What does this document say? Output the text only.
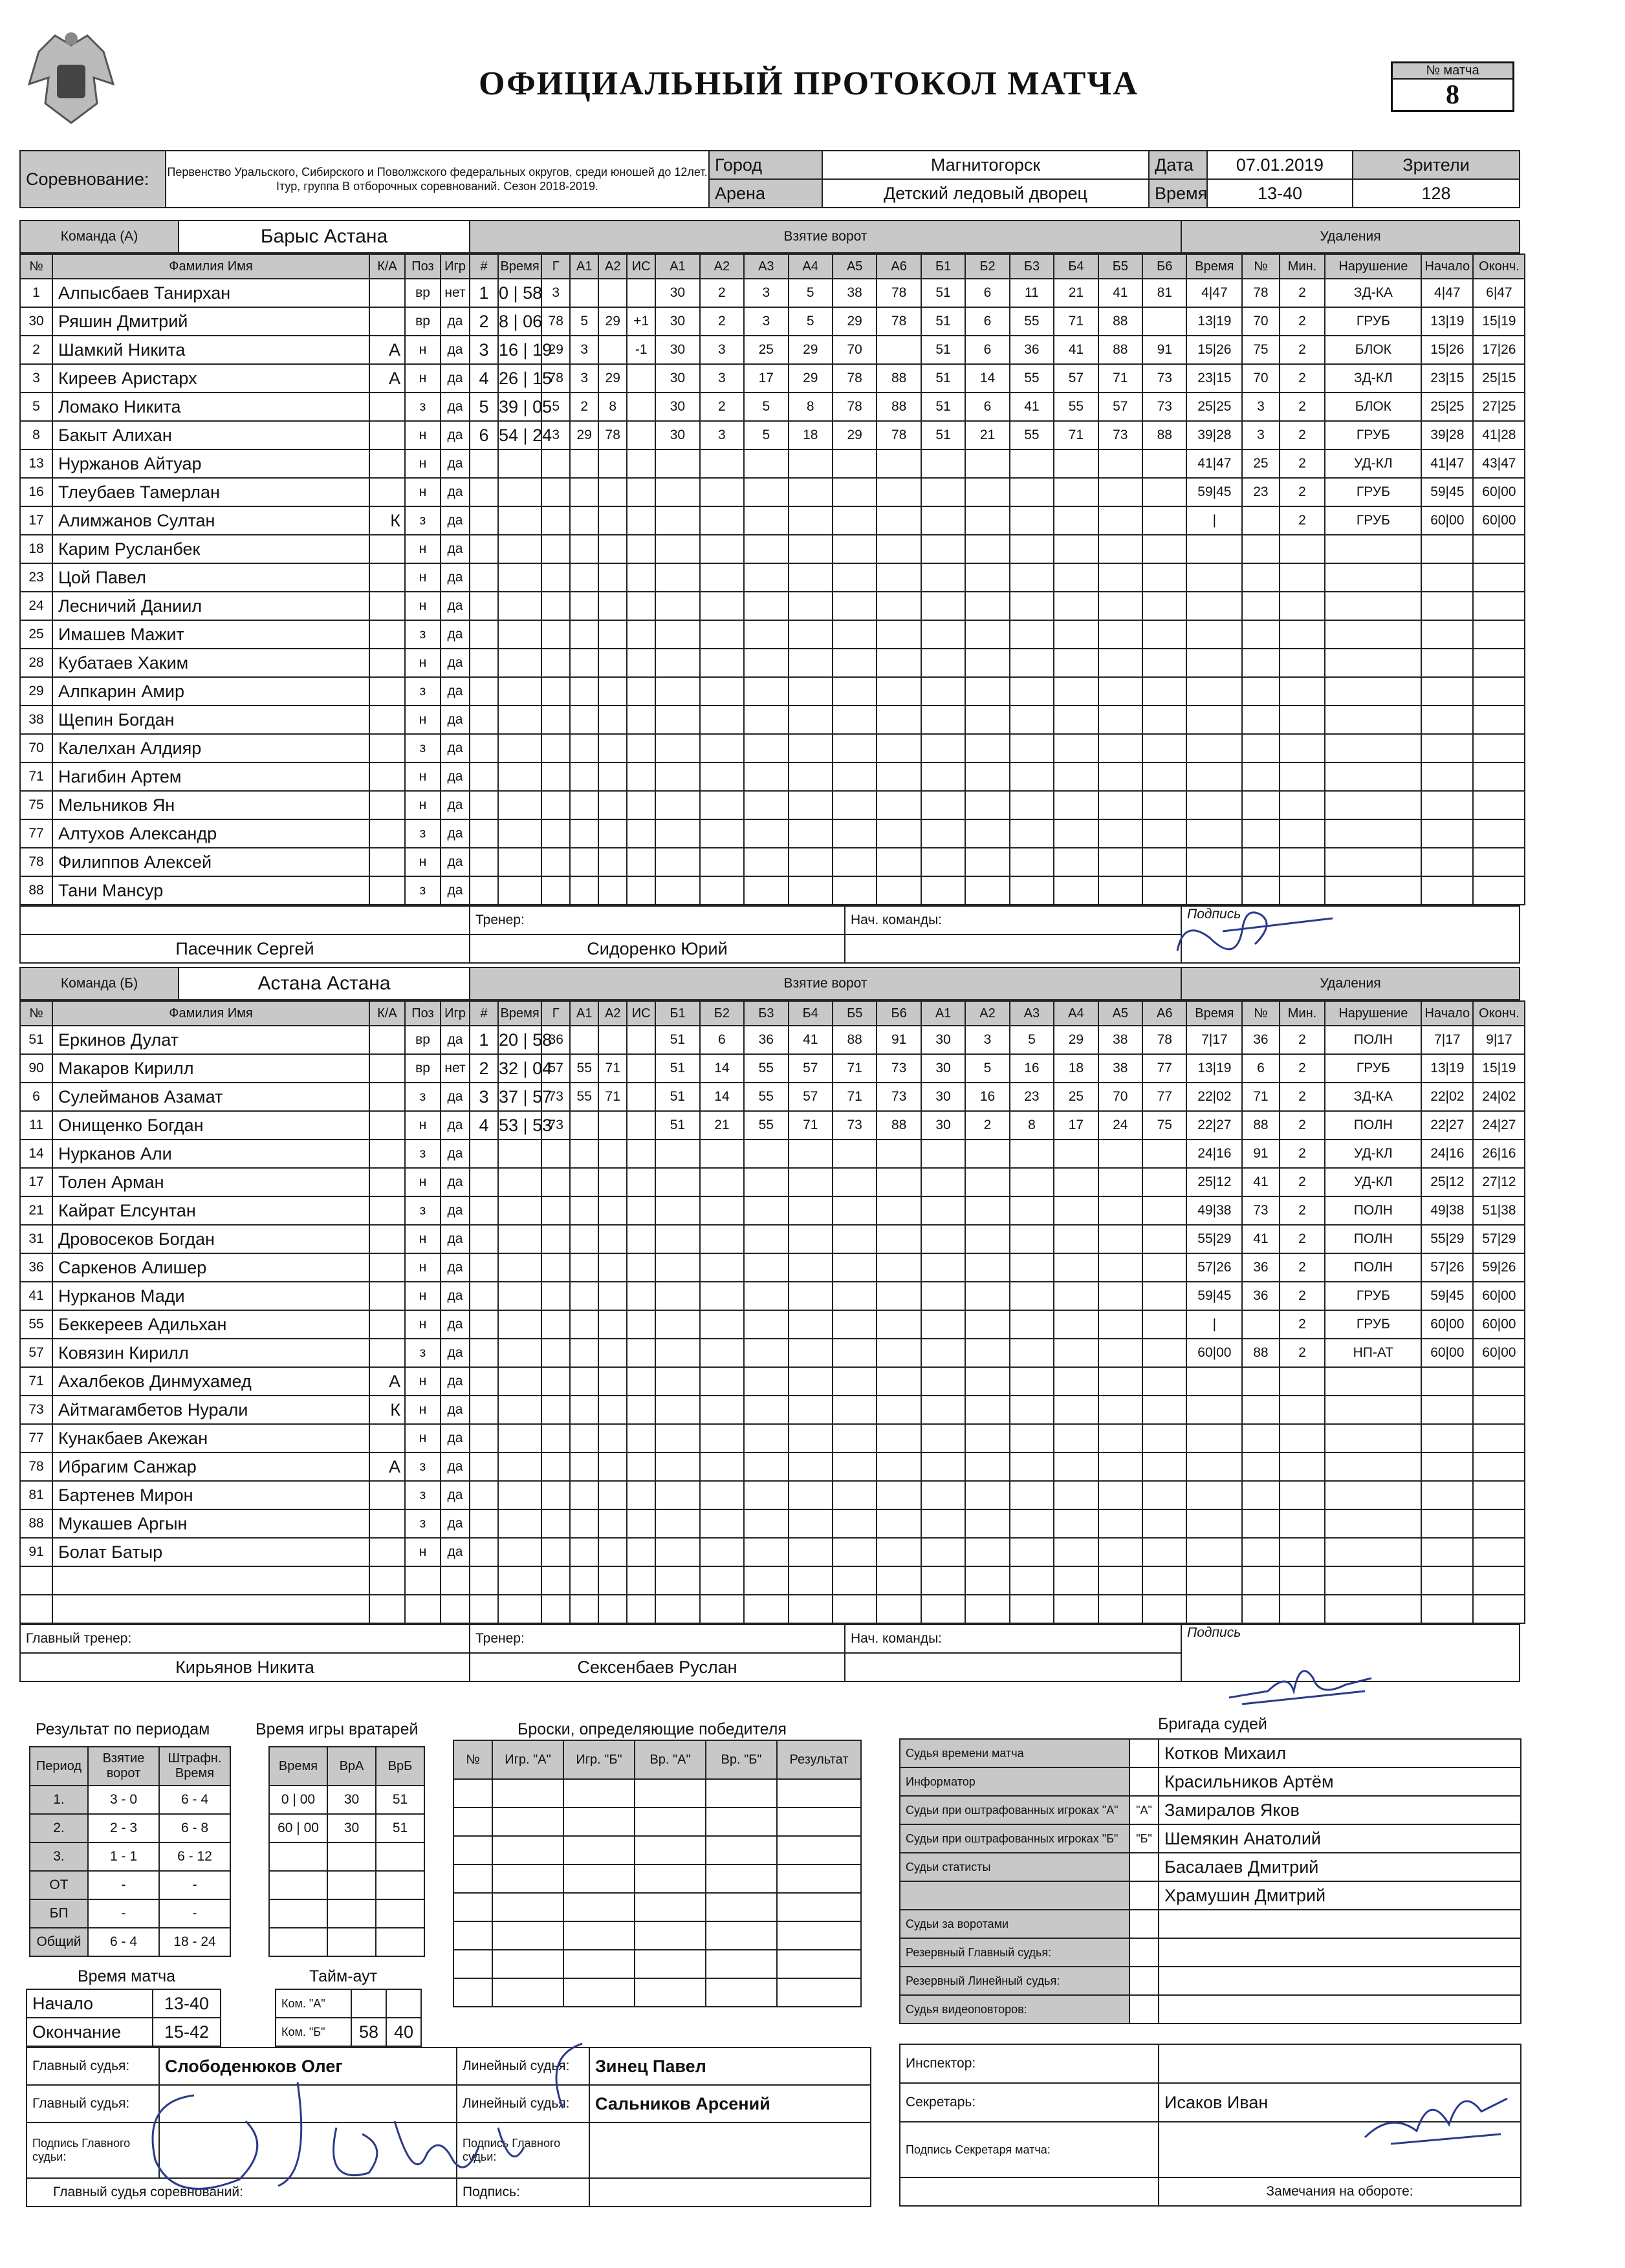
ОФИЦИАЛЬНЫЙ ПРОТОКОЛ МАТЧА	№ матча
8
Соревнование:	Первенство Уральского, Сибирского и Поволжского федеральных округов, среди юношей до 12лет. Iтур, группа В отборочных соревнований. Сезон 2018-2019.	Город	Магнитогорск	Дата	07.01.2019	Зрители
		Арена	Детский ледовый дворец	Время	13-40	128
Команда (А)	Барыс Астана	Взятие ворот	Удаления
№	Фамилия Имя	К/А	Поз	Игр	#	Время	Г	А1	А2	ИС	А1	А2	А3	А4	А5	А6	Б1	Б2	Б3	Б4	Б5	Б6	Время	№	Мин.	Нарушение	Начало	Оконч.
1	Алпысбаев Танирхан		вр	нет	1	0 | 58	3				30	2	3	5	38	78	51	6	11	21	41	81	4|47	78	2	ЗД-КА	4|47	6|47
30	Ряшин Дмитрий		вр	да	2	8 | 06	78	5	29	+1	30	2	3	5	29	78	51	6	55	71	88		13|19	70	2	ГРУБ	13|19	15|19
2	Шамкий Никита	А	н	да	3	16 | 19	29	3		-1	30	3	25	29	70		51	6	36	41	88	91	15|26	75	2	БЛОК	15|26	17|26
3	Киреев Аристарх	А	н	да	4	26 | 15	78	3	29		30	3	17	29	78	88	51	14	55	57	71	73	23|15	70	2	ЗД-КЛ	23|15	25|15
5	Ломако Никита		з	да	5	39 | 05	5	2	8		30	2	5	8	78	88	51	6	41	55	57	73	25|25	3	2	БЛОК	25|25	27|25
8	Бакыт Алихан		н	да	6	54 | 24	3	29	78		30	3	5	18	29	78	51	21	55	71	73	88	39|28	3	2	ГРУБ	39|28	41|28
13	Нуржанов Айтуар		н	да																			41|47	25	2	УД-КЛ	41|47	43|47
16	Тлеубаев Тамерлан		н	да																			59|45	23	2	ГРУБ	59|45	60|00
17	Алимжанов Султан	К	з	да																			|		2	ГРУБ	60|00	60|00
18	Карим Русланбек		н	да																								
23	Цой Павел		н	да																								
24	Лесничий Даниил		н	да																								
25	Имашев Мажит		з	да																								
28	Кубатаев Хаким		н	да																								
29	Алпкарин Амир		з	да																								
38	Щепин Богдан		н	да																								
70	Калелхан Алдияр		з	да																								
71	Нагибин Артем		н	да																								
75	Мельников Ян		н	да																								
77	Алтухов Александр		з	да																								
78	Филиппов Алексей		н	да																								
88	Тани Мансур		з	да																								
	Тренер:	Нач. команды:	Подпись
Пасечник Сергей	Сидоренко Юрий		
Команда (Б)	Астана Астана	Взятие ворот	Удаления
№	Фамилия Имя	К/А	Поз	Игр	#	Время	Г	А1	А2	ИС	Б1	Б2	Б3	Б4	Б5	Б6	А1	А2	А3	А4	А5	А6	Время	№	Мин.	Нарушение	Начало	Оконч.
51	Еркинов Дулат		вр	да	1	20 | 58	36				51	6	36	41	88	91	30	3	5	29	38	78	7|17	36	2	ПОЛН	7|17	9|17
90	Макаров Кирилл		вр	нет	2	32 | 04	57	55	71		51	14	55	57	71	73	30	5	16	18	38	77	13|19	6	2	ГРУБ	13|19	15|19
6	Сулейманов Азамат		з	да	3	37 | 57	73	55	71		51	14	55	57	71	73	30	16	23	25	70	77	22|02	71	2	ЗД-КА	22|02	24|02
11	Онищенко Богдан		н	да	4	53 | 53	73				51	21	55	71	73	88	30	2	8	17	24	75	22|27	88	2	ПОЛН	22|27	24|27
14	Нурканов Али		з	да																			24|16	91	2	УД-КЛ	24|16	26|16
17	Толен Арман		н	да																			25|12	41	2	УД-КЛ	25|12	27|12
21	Кайрат Елсунтан		з	да																			49|38	73	2	ПОЛН	49|38	51|38
31	Дровосеков Богдан		н	да																			55|29	41	2	ПОЛН	55|29	57|29
36	Саркенов Алишер		н	да																			57|26	36	2	ПОЛН	57|26	59|26
41	Нурканов Мади		н	да																			59|45	36	2	ГРУБ	59|45	60|00
55	Беккереев Адильхан		н	да																			|		2	ГРУБ	60|00	60|00
57	Ковязин Кирилл		з	да																			60|00	88	2	НП-АТ	60|00	60|00
71	Ахалбеков Динмухамед	А	н	да																								
73	Айтмагамбетов Нурали	К	н	да																								
77	Кунакбаев Акежан		н	да																								
78	Ибрагим Санжар	А	з	да																								
81	Бартенев Мирон		з	да																								
88	Мукашев Аргын		з	да																								
91	Болат Батыр		н	да																								

Главный тренер:	Тренер:	Нач. команды:	Подпись
Кирьянов Никита	Сексенбаев Руслан		
Результат по периодам
Период	Взятие ворот	Штрафн. Время
1.	3 - 0	6 - 4
2.	2 - 3	6 - 8
3.	1 - 1	6 - 12
ОТ	-	-
БП	-	-
Общий	6 - 4	18 - 24
Время игры вратарей
Время	ВрА	ВрБ
0 | 00	30	51
60 | 00	30	51

Броски, определяющие победителя
№	Игр. "А"	Игр. "Б"	Вр. "А"	Вр. "Б"	Результат

Время матча
Начало	13-40
Окончание	15-42
Тайм-аут
Ком. "А"		
Ком. "Б"	58	40
Бригада судей
Судья времени матча		Котков Михаил
Информатор		Красильников Артём
Судьи при оштрафованных игроках "А"	"А"	Замиралов Яков
Судьи при оштрафованных игроках "Б"	"Б"	Шемякин Анатолий
Судьи статисты		Басалаев Дмитрий
		Храмушин Дмитрий
Судьи за воротами		
Резервный Главный судья:		
Резервный Линейный судья:		
Судья видеоповторов:		
Главный судья:	Слободенюков Олег	Линейный судья:	Зинец Павел
Главный судья:		Линейный судья:	Сальников Арсений
Подпись Главного судьи:		Подпись Главного судьи:	
Главный судья соревнований:		Подпись:	
Инспектор:	
Секретарь:	Исаков Иван
Подпись Секретаря матча:	
	Замечания на обороте:
